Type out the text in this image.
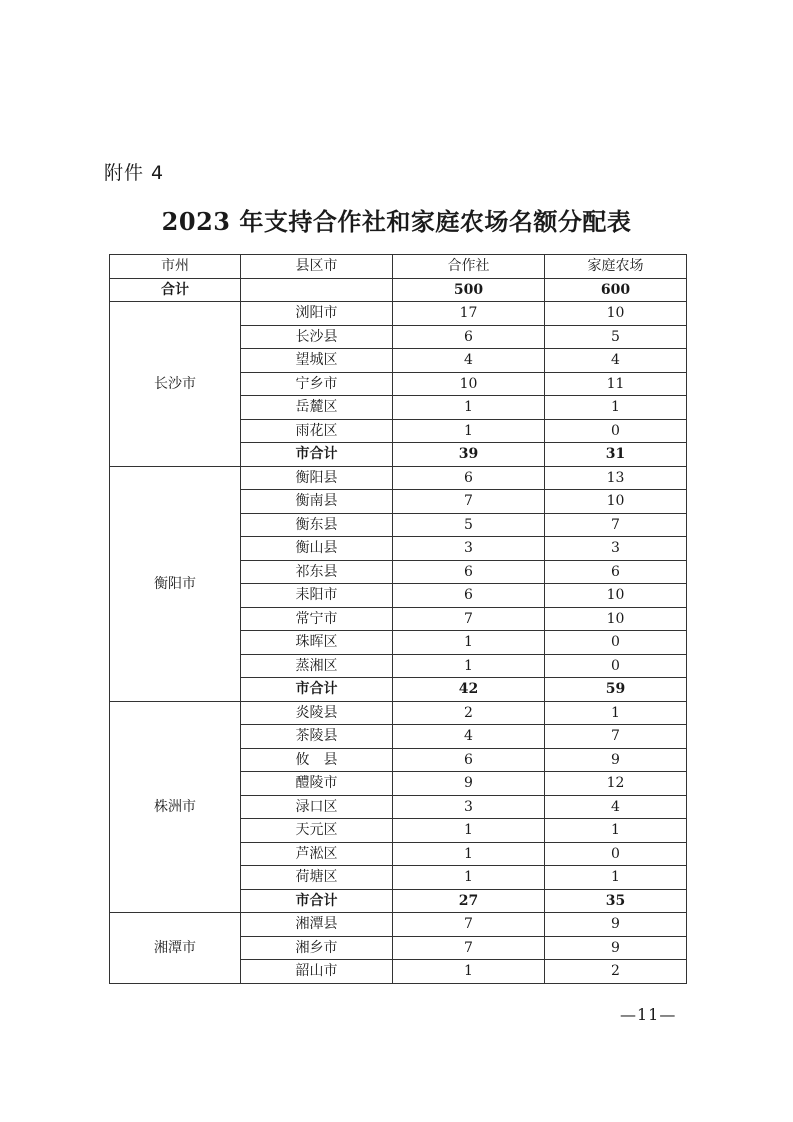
附件 4
2023 年支持合作社和家庭农场名额分配表
市州	县区市	合作社	家庭农场
合计		500	600
长沙市	浏阳市	17	10
	长沙县	6	5
	望城区	4	4
	宁乡市	10	11
	岳麓区	1	1
	雨花区	1	0
	市合计	39	31
衡阳市	衡阳县	6	13
	衡南县	7	10
	衡东县	5	7
	衡山县	3	3
	祁东县	6	6
	耒阳市	6	10
	常宁市	7	10
	珠晖区	1	0
	蒸湘区	1	0
	市合计	42	59
株洲市	炎陵县	2	1
	茶陵县	4	7
	攸　县	6	9
	醴陵市	9	12
	渌口区	3	4
	天元区	1	1
	芦淞区	1	0
	荷塘区	1	1
	市合计	27	35
湘潭市	湘潭县	7	9
	湘乡市	7	9
	韶山市	1	2
—11—
